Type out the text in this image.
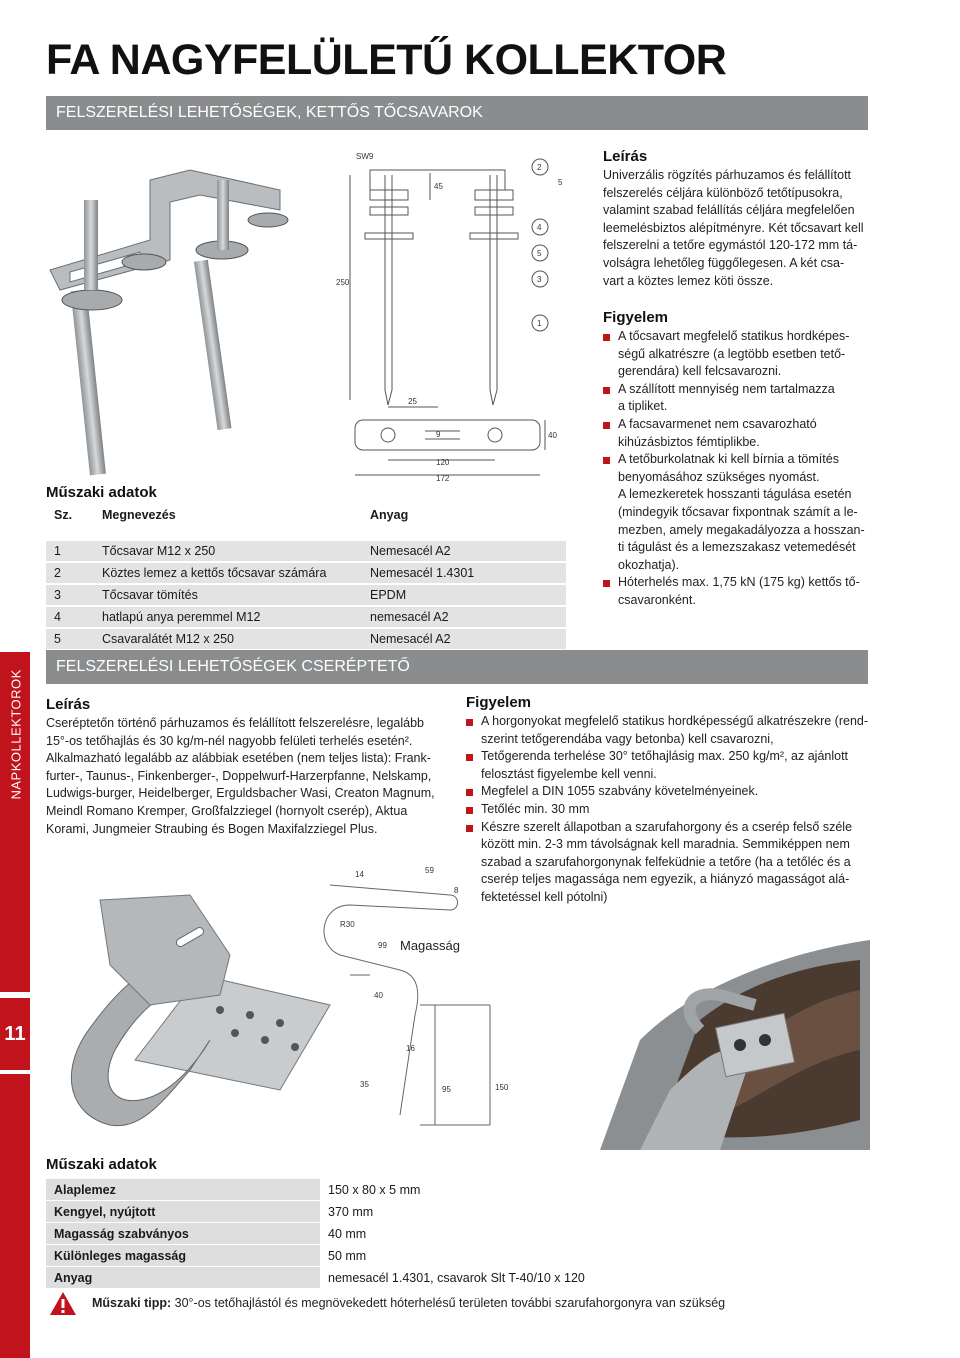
FA NAGYFELÜLETŰ KOLLEKTOR
FELSZERELÉSI LEHETŐSÉGEK, KETTŐS TŐCSAVAROK
SW9
45
250
25
120
172
40
9
2
4
5
3
1
5
Leírás
Univerzális rögzítés párhuzamos és felállított
felszerelés céljára különböző tetőtípusokra,
valamint szabad felállítás céljára megfelelően
leemelésbiztos alépítményre. Két tőcsavart kell
felszerelni a tetőre egymástól 120-172 mm tá-
volságra lehetőleg függőlegesen. A két csa-
vart a köztes lemez köti össze.
Figyelem
A tőcsavart megfelelő statikus hordképes-
ségű alkatrészre (a legtöbb esetben tető-
gerendára) kell felcsavarozni.
A szállított mennyiség nem tartalmazza
a tipliket.
A facsavarmenet nem csavarozható
kihúzásbiztos fémtiplikbe.
A tetőburkolatnak ki kell bírnia a tömítés
benyomásához szükséges nyomást.
A lemezkeretek hosszanti tágulása esetén
(mindegyik tőcsavar fixpontnak számít a le-
mezben, amely megakadályozza a hosszan-
ti tágulást és a lemezszakasz vetemedését
okozhatja).
Hóterhelés max. 1,75 kN (175 kg) kettős tő-
csavaronként.
Műszaki adatok
Sz.	Megnevezés	Anyag

1	Tőcsavar M12 x 250	Nemesacél A2
2	Köztes lemez a kettős tőcsavar számára	Nemesacél 1.4301
3	Tőcsavar tömítés	EPDM
4	hatlapú anya peremmel M12	nemesacél A2
5	Csavaralátét M12 x 250	Nemesacél A2
NAPKOLLEKTOROK
11
FELSZERELÉSI LEHETŐSÉGEK CSERÉPTETŐ
Leírás
Cseréptetőn történő párhuzamos és felállított felszerelésre, legalább
15°-os tetőhajlás és 30 kg/m-nél nagyobb felületi terhelés esetén².
Alkalmazható legalább az alábbiak esetében (nem teljes lista): Frank-
furter-, Taunus-, Finkenberger-, Doppelwurf-Harzerpfanne, Nelskamp,
Ludwigs-burger, Heidelberger, Erguldsbacher Wasi, Creaton Magnum,
Meindl Romano Kremper, Großfalzziegel (hornyolt cserép), Aktua
Korami, Jungmeier Straubing és Bogen Maxifalzziegel Plus.
Figyelem
A horgonyokat megfelelő statikus hordképességű alkatrészekre (rend-
szerint tetőgerendába vagy betonba) kell csavarozni,
Tetőgerenda terhelése 30° tetőhajlásig max. 250 kg/m², az ajánlott
felosztást figyelembe kell venni.
Megfelel a DIN 1055 szabvány követelményeinek.
Tetőléc min. 30 mm
Készre szerelt állapotban a szarufahorgony és a cserép felső széle
között min. 2-3 mm távolságnak kell maradnia. Semmiképpen nem
szabad a szarufahorgonynak felfeküdnie a tetőre (ha a tetőléc és a
cserép teljes magassága nem egyezik, a hiányzó magasságot alá-
fektetéssel kell pótolni)
59
14
8
R30
99
40
16
35
95	150
Magasság
Műszaki adatok
Alaplemez	150 x 80 x 5 mm
Kengyel, nyújtott	370 mm
Magasság szabványos	40 mm
Különleges magasság	50 mm
Anyag	nemesacél 1.4301, csavarok Slt T-40/10 x 120
Műszaki tipp: 30°-os tetőhajlástól és megnövekedett hóterhelésű területen további szarufahorgonyra van szükség
